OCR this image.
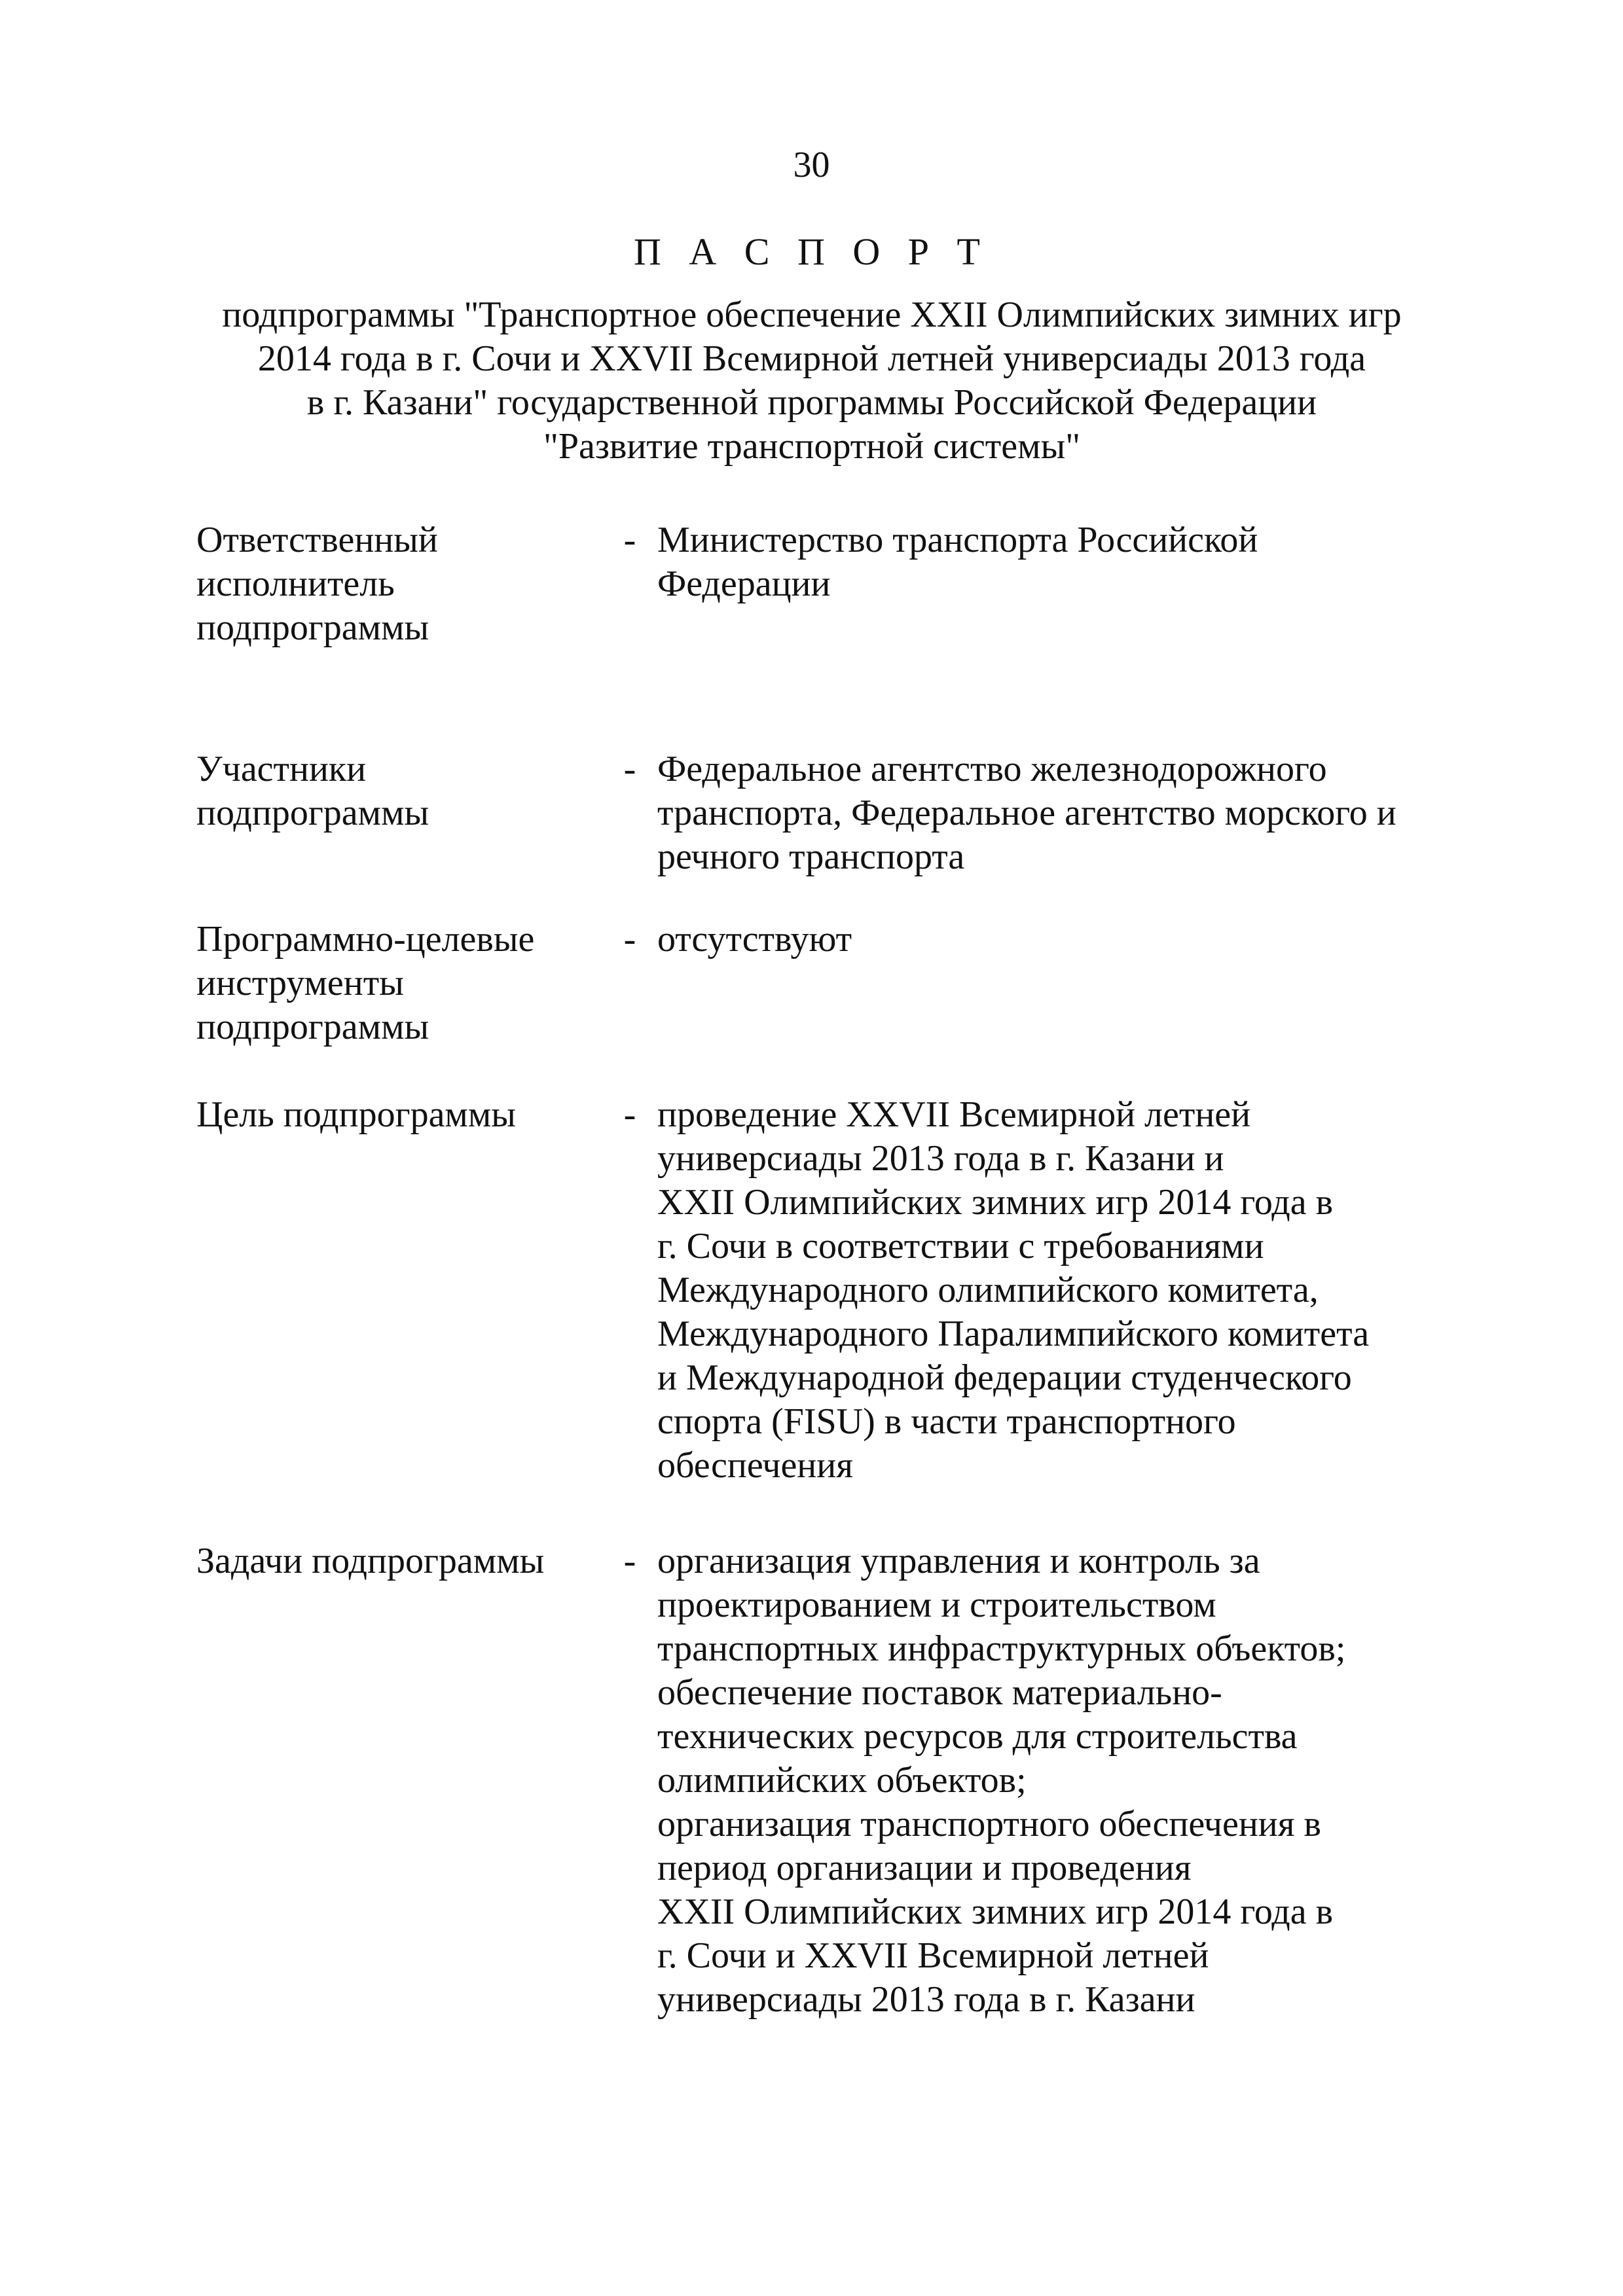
30
П А С П О Р Т
подпрограммы "Транспортное обеспечение XXII Олимпийских зимних игр
2014 года в г. Сочи и XXVII Всемирной летней универсиады 2013 года
в г. Казани" государственной программы Российской Федерации
"Развитие транспортной системы"
Ответственный
исполнитель
подпрограммы
- Министерство транспорта Российской
Федерации
Участники
подпрограммы
- Федеральное агентство железнодорожного
транспорта, Федеральное агентство морского и
речного транспорта
Программно-целевые
инструменты
подпрограммы
- отсутствуют
Цель подпрограммы	- проведение XXVII Всемирной летней
универсиады 2013 года в г. Казани и
XXII Олимпийских зимних игр 2014 года в
г. Сочи в соответствии с требованиями
Международного олимпийского комитета,
Международного Паралимпийского комитета
и Международной федерации студенческого
спорта (FISU) в части транспортного
обеспечения
Задачи подпрограммы	- организация управления и контроль за
проектированием и строительством
транспортных инфраструктурных объектов;
обеспечение поставок материально-
технических ресурсов для строительства
олимпийских объектов;
организация транспортного обеспечения в
период организации и проведения
XXII Олимпийских зимних игр 2014 года в
г. Сочи и XXVII Всемирной летней
универсиады 2013 года в г. Казани
